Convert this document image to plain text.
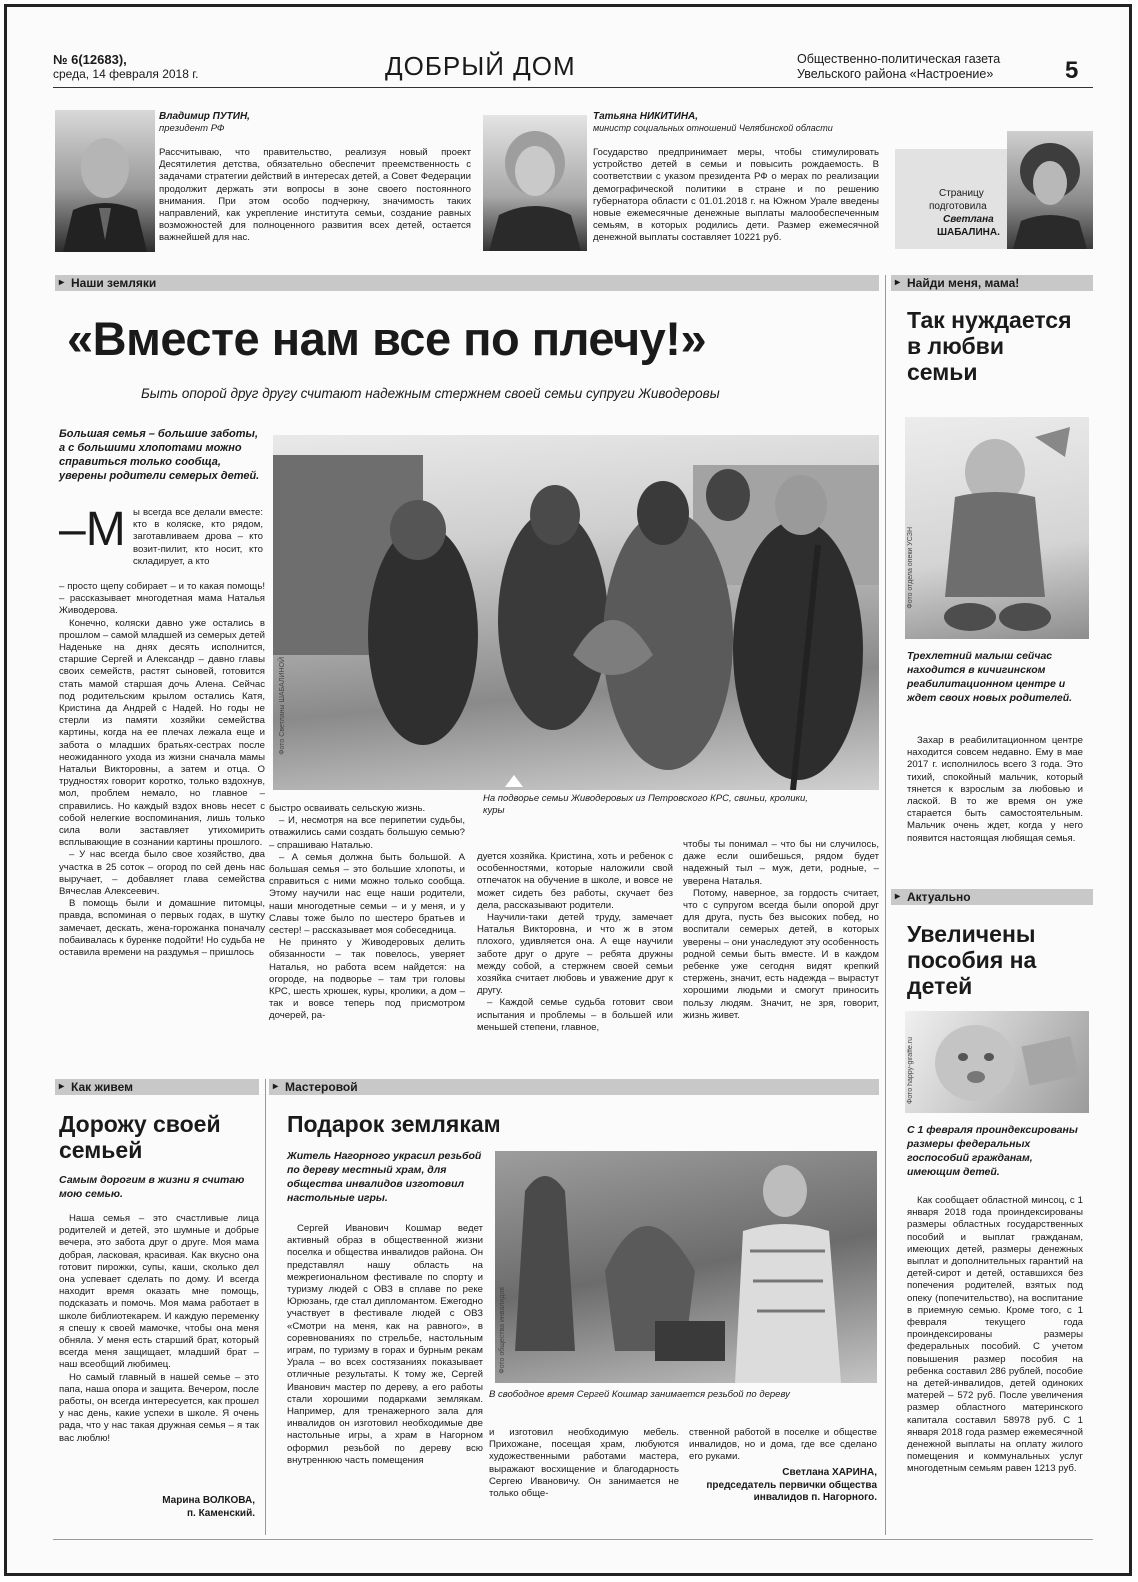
№ 6(12683),
среда, 14 февраля 2018 г.	ДОБРЫЙ ДОМ	Общественно-политическая газета
Увельского района «Настроение»	5
Владимир ПУТИН,
президент РФ
Рассчитываю, что правительство, реализуя новый проект Десятилетия детства, обязательно обеспечит преемственность с задачами стратегии действий в интересах детей, а Совет Федерации продолжит держать эти вопросы в зоне своего постоянного внимания. При этом особо подчеркну, значимость таких направлений, как укрепление института семьи, создание равных возможностей для полноценного развития всех детей, остается важнейшей для нас.
Татьяна НИКИТИНА,
министр социальных отношений Челябинской области
Государство предпринимает меры, чтобы стимулировать устройство детей в семьи и повысить рождаемость. В соответствии с указом президента РФ о мерах по реализации демографической политики в стране и по решению губернатора области с 01.01.2018 г. на Южном Урале введены новые ежемесячные денежные выплаты малообеспеченным семьям, в которых родились дети. Размер ежемесячной денежной выплаты составляет 10221 руб.
Страницу
подготовила
Светлана
ШАБАЛИНА.
▸ Наши земляки
▸	Найди меня, мама!
«Вместе нам все по плечу!»
Быть опорой друг другу считают надежным стержнем своей семьи супруги Живодеровы
Большая семья – большие заботы, а с большими хлопотами можно справиться только сообща, уверены родители семерых детей.
–М ы всегда все делали вместе: кто в коляске, кто рядом, заготавливаем дрова – кто возит-пилит, кто носит, кто складирует, а кто

– просто щепу собирает – и то какая помощь! – рассказывает многодетная мама Наталья Живодерова.

Конечно, коляски давно уже остались в прошлом – самой младшей из семерых детей Наденьке на днях десять исполнится, старшие Сергей и Александр – давно главы своих семейств, растят сыновей, готовится стать мамой старшая дочь Алена. Сейчас под родительским крылом остались Катя, Кристина да Андрей с Надей. Но годы не стерли из памяти хозяйки семейства картины, когда на ее плечах лежала еще и забота о младших братьях-сестрах после неожиданного ухода из жизни сначала мамы Натальи Викторовны, а затем и отца. О трудностях говорит коротко, только вздохнув, мол, проблем немало, но главное – справились. Но каждый вздох вновь несет с собой нелегкие воспоминания, лишь только сила воли заставляет утихомирить всплывающие в сознании картины прошлого.

– У нас всегда было свое хозяйство, два участка в 25 соток – огород по сей день нас выручает, – добавляет глава семейства Вячеслав Алексеевич.

В помощь были и домашние питомцы, правда, вспоминая о первых годах, в шутку замечает, дескать, жена-горожанка поначалу побаивалась к буренке подойти! Но судьба не оставила времени на раздумья – пришлось

Фото Светланы ШАБАЛИНОЙ
На подворье семьи Живодеровых из Петровского КРС, свиньи, кролики, куры

быстро осваивать сельскую жизнь.

– И, несмотря на все перипетии судьбы, отважились сами создать большую семью? – спрашиваю Наталью.

– А семья должна быть большой. А большая семья – это большие хлопоты, и справиться с ними можно только сообща. Этому научили нас еще наши родители, наши многодетные семьи – и у меня, и у Славы тоже было по шестеро братьев и сестер! – рассказывает моя собеседница.

Не принято у Живодеровых делить обязанности – так повелось, уверяет Наталья, но работа всем найдется: на огороде, на подворье – там три головы КРС, шесть хрюшек, куры, кролики, а дом – так и вовсе теперь под присмотром дочерей, ра-

дуется хозяйка. Кристина, хоть и ребенок с особенностями, которые наложили свой отпечаток на обучение в школе, и вовсе не может сидеть без работы, скучает без дела, рассказывают родители.

Научили-таки детей труду, замечает Наталья Викторовна, и что ж в этом плохого, удивляется она. А еще научили заботе друг о друге – ребята дружны между собой, а стержнем своей семьи хозяйка считает любовь и уважение друг к другу.

– Каждой семье судьба готовит свои испытания и проблемы – в большей или меньшей степени, главное,

чтобы ты понимал – что бы ни случилось, даже если ошибешься, рядом будет надежный тыл – муж, дети, родные, – уверена Наталья.

Потому, наверное, за гордость считает, что с супругом всегда были опорой друг для друга, пусть без высоких побед, но воспитали семерых детей, в которых уверены – они унаследуют эту особенность родной семьи быть вместе. И в каждом ребенке уже сегодня видят крепкий стержень, значит, есть надежда – вырастут хорошими людьми и смогут приносить пользу людям. Значит, не зря, говорит, жизнь живет.

Так нуждается в любви семьи
Фото отдела опеки УСЗН
Трехлетний малыш сейчас находится в кичигинском реабилитационном центре и ждет своих новых родителей.
Захар в реабилитационном центре находится совсем недавно. Ему в мае 2017 г. исполнилось всего 3 года. Это тихий, спокойный мальчик, который тянется к взрослым за любовью и лаской. В то же время он уже старается быть самостоятельным. Мальчик очень ждет, когда у него появится настоящая любящая семья.
▸ Актуально
Увеличены пособия на детей
Фото happy-giraffe.ru
С 1 февраля проиндексированы размеры федеральных госпособий гражданам, имеющим детей.
Как сообщает областной минсоц, с 1 января 2018 года проиндексированы размеры областных государственных пособий и выплат гражданам, имеющих детей, размеры денежных выплат и дополнительных гарантий на детей-сирот и детей, оставшихся без попечения родителей, взятых под опеку (попечительство), на воспитание в приемную семью. Кроме того, с 1 февраля текущего года проиндексированы размеры федеральных пособий. С учетом повышения размер пособия на ребенка составил 286 рублей, пособие на детей-инвалидов, детей одиноких матерей – 572 руб. После увеличения размер областного материнского капитала составил 58978 руб. С 1 января 2018 года размер ежемесячной денежной выплаты на оплату жилого помещения и коммунальных услуг многодетным семьям равен 1213 руб.
▸ Как живем
Дорожу своей семьей
Самым дорогим в жизни я считаю мою семью.

Наша семья – это счастливые лица родителей и детей, это шумные и добрые вечера, это забота друг о друге. Моя мама добрая, ласковая, красивая. Как вкусно она готовит пирожки, супы, каши, сколько дел она успевает сделать по дому. И всегда находит время оказать мне помощь, подсказать и помочь. Моя мама работает в школе библиотекарем. И каждую переменку я спешу к своей мамочке, чтобы она меня обняла. У меня есть старший брат, который всегда меня защищает, младший брат – наш всеобщий любимец.

Но самый главный в нашей семье – это папа, наша опора и защита. Вечером, после работы, он всегда интересуется, как прошел у нас день, какие успехи в школе. Я очень рада, что у нас такая дружная семья – я так вас люблю!

Марина ВОЛКОВА,
п. Каменский.
▸ Мастеровой
Подарок землякам
Житель Нагорного украсил резьбой по дереву местный храм, для общества инвалидов изготовил настольные игры.
Фото общества инвалидов
В свободное время Сергей Кошмар занимается резьбой по дереву

Сергей Иванович Кошмар ведет активный образ в общественной жизни поселка и общества инвалидов района. Он представлял нашу область на межрегиональном фестивале по спорту и туризму людей с ОВЗ в сплаве по реке Юрюзань, где стал дипломантом. Ежегодно участвует в фестивале людей с ОВЗ «Смотри на меня, как на равного», в соревнованиях по стрельбе, настольным играм, по туризму в горах и бурным рекам Урала – во всех состязаниях показывает отличные результаты. К тому же, Сергей Иванович мастер по дереву, а его работы стали хорошими подарками землякам. Например, для тренажерного зала для инвалидов он изготовил необходимые две настольные игры, а храм в Нагорном оформил резьбой по дереву всю внутреннюю часть помещения

и изготовил необходимую мебель. Прихожане, посещая храм, любуются художественными работами мастера, выражают восхищение и благодарность Сергею Ивановичу. Он занимается не только обще-

ственной работой в поселке и обществе инвалидов, но и дома, где все сделано его руками.

Светлана ХАРИНА,
председатель первички общества инвалидов п. Нагорного.
